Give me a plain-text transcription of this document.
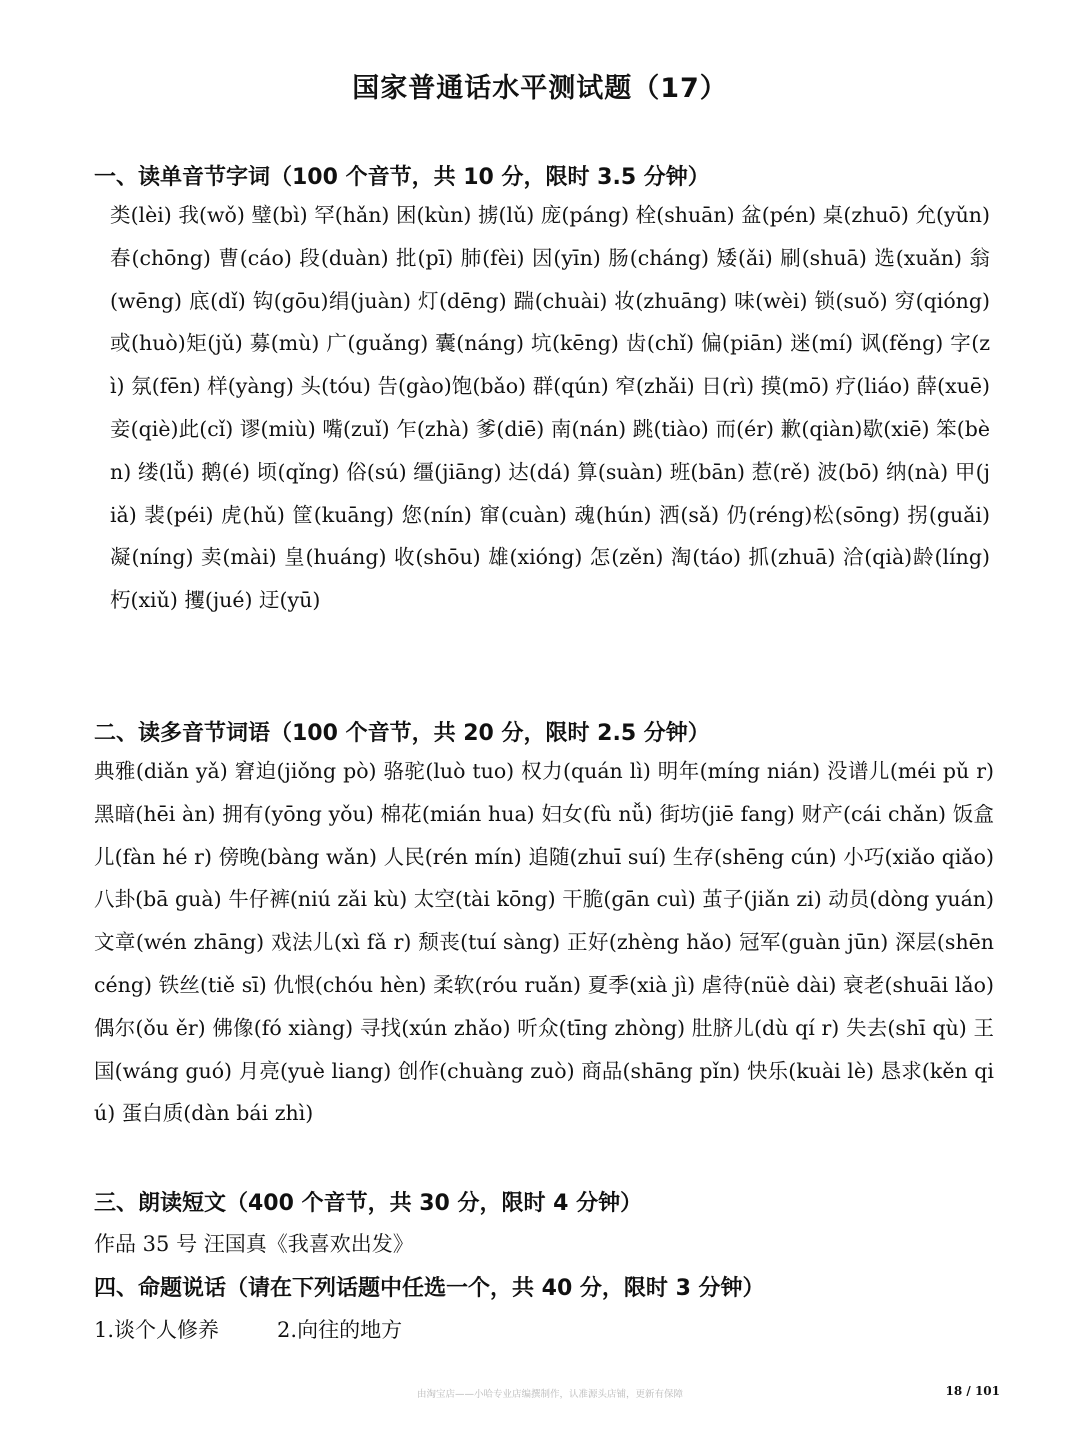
国家普通话水平测试题（17）
一、读单音节字词（100 个音节，共 10 分，限时 3.5 分钟）

类(lèi) 我(wǒ) 璧(bì) 罕(hǎn) 困(kùn) 掳(lǔ) 庞(páng) 栓(shuān) 盆(pén) 桌(zhuō) 允(yǔn) 春(chōng) 曹(cáo) 段(duàn) 批(pī) 肺(fèi) 因(yīn) 肠(cháng) 矮(ǎi) 刷(shuā) 选(xuǎn) 翁(wēng) 底(dǐ) 钩(gōu)绢(juàn) 灯(dēng) 踹(chuài) 妆(zhuāng) 味(wèi) 锁(suǒ) 穷(qióng) 或(huò)矩(jǔ) 募(mù) 广(guǎng) 囊(náng) 坑(kēng) 齿(chǐ) 偏(piān) 迷(mí) 讽(fěng) 字(zì) 氛(fēn) 样(yàng) 头(tóu) 告(gào)饱(bǎo) 群(qún) 窄(zhǎi) 日(rì) 摸(mō) 疗(liáo) 薛(xuē) 妾(qiè)此(cǐ) 谬(miù) 嘴(zuǐ) 乍(zhà) 爹(diē) 南(nán) 跳(tiào) 而(ér) 歉(qiàn)歇(xiē) 笨(bèn) 缕(lǚ) 鹅(é) 顷(qǐng) 俗(sú) 缰(jiāng) 达(dá) 算(suàn) 班(bān) 惹(rě) 波(bō) 纳(nà) 甲(jiǎ) 裴(péi) 虎(hǔ) 筐(kuāng) 您(nín) 窜(cuàn) 魂(hún) 洒(sǎ) 仍(réng)松(sōng) 拐(guǎi) 凝(níng) 卖(mài) 皇(huáng) 收(shōu) 雄(xióng) 怎(zěn) 淘(táo) 抓(zhuā) 洽(qià)龄(líng) 朽(xiǔ) 攫(jué) 迂(yū)

二、读多音节词语（100 个音节，共 20 分，限时 2.5 分钟）

典雅(diǎn yǎ) 窘迫(jiǒng pò) 骆驼(luò tuo) 权力(quán lì) 明年(míng nián) 没谱儿(méi pǔ r) 黑暗(hēi àn) 拥有(yōng yǒu) 棉花(mián hua) 妇女(fù nǚ) 街坊(jiē fang) 财产(cái chǎn) 饭盒儿(fàn hé r) 傍晚(bàng wǎn) 人民(rén mín) 追随(zhuī suí) 生存(shēng cún) 小巧(xiǎo qiǎo) 八卦(bā guà) 牛仔裤(niú zǎi kù) 太空(tài kōng) 干脆(gān cuì) 茧子(jiǎn zi) 动员(dòng yuán) 文章(wén zhāng) 戏法儿(xì fǎ r) 颓丧(tuí sàng) 正好(zhèng hǎo) 冠军(guàn jūn) 深层(shēn céng) 铁丝(tiě sī) 仇恨(chóu hèn) 柔软(róu ruǎn) 夏季(xià jì) 虐待(nüè dài) 衰老(shuāi lǎo) 偶尔(ǒu ěr) 佛像(fó xiàng) 寻找(xún zhǎo) 听众(tīng zhòng) 肚脐儿(dù qí r) 失去(shī qù) 王国(wáng guó) 月亮(yuè liang) 创作(chuàng zuò) 商品(shāng pǐn) 快乐(kuài lè) 恳求(kěn qiú) 蛋白质(dàn bái zhì)

三、朗读短文（400 个音节，共 30 分，限时 4 分钟）
作品 35 号 汪国真《我喜欢出发》
四、命题说话（请在下列话题中任选一个，共 40 分，限时 3 分钟）
1.谈个人修养	2.向往的地方
由淘宝店——小哈专业店编撰制作，认准源头店铺，更新有保障	18 / 101
